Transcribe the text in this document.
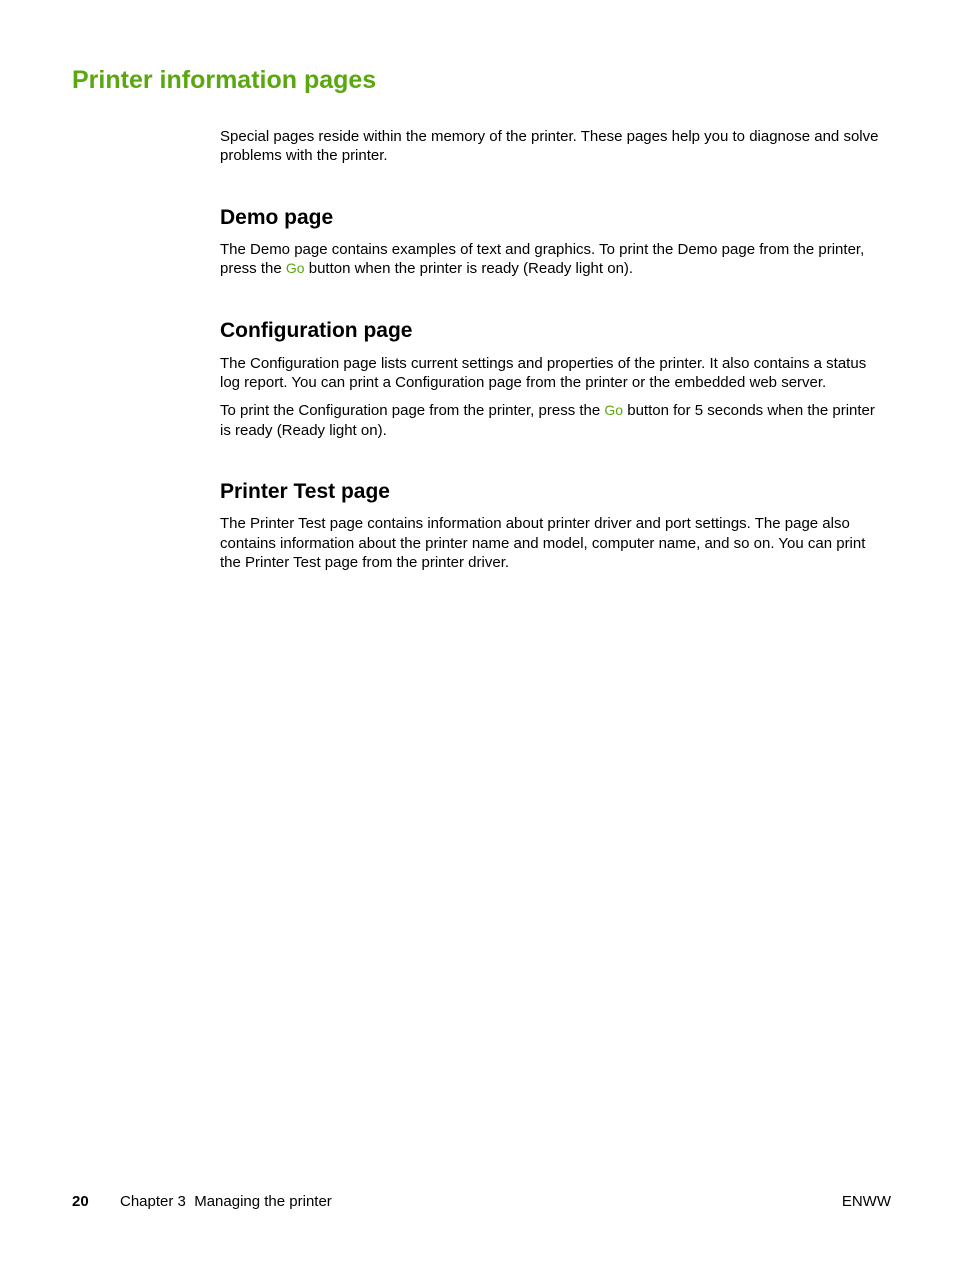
Printer information pages

Special pages reside within the memory of the printer. These pages help you to diagnose and solve problems with the printer.

Demo page

The Demo page contains examples of text and graphics. To print the Demo page from the printer, press the Go button when the printer is ready (Ready light on).

Configuration page

The Configuration page lists current settings and properties of the printer. It also contains a status log report. You can print a Configuration page from the printer or the embedded web server.

To print the Configuration page from the printer, press the Go button for 5 seconds when the printer is ready (Ready light on).

Printer Test page

The Printer Test page contains information about printer driver and port settings. The page also contains information about the printer name and model, computer name, and so on. You can print the Printer Test page from the printer driver.

20 Chapter 3  Managing the printer	ENWW
